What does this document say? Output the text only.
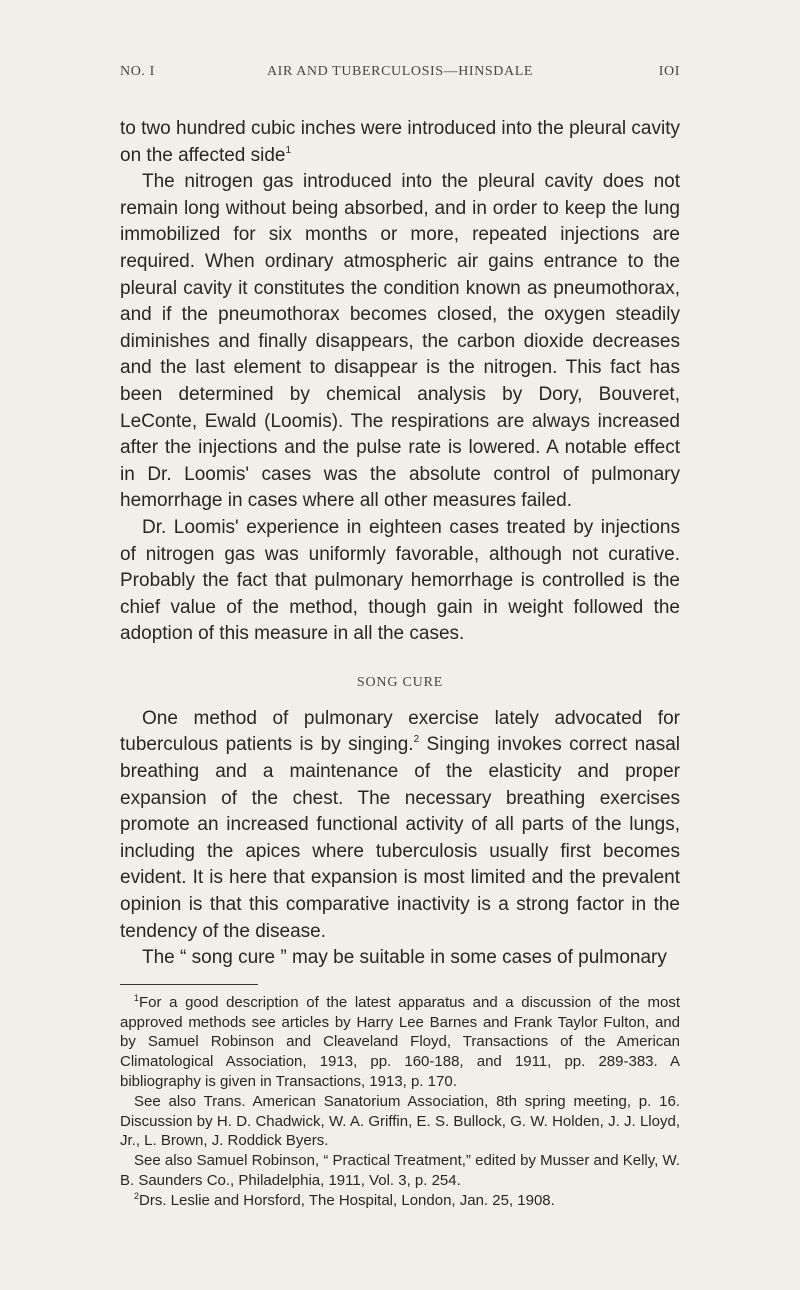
NO. I	AIR AND TUBERCULOSIS—HINSDALE	IOI

to two hundred cubic inches were introduced into the pleural cavity on the affected side$^1$

The nitrogen gas introduced into the pleural cavity does not remain long without being absorbed, and in order to keep the lung immobilized for six months or more, repeated injections are required. When ordinary atmospheric air gains entrance to the pleural cavity it constitutes the condition known as pneumothorax, and if the pneumothorax becomes closed, the oxygen steadily diminishes and finally disappears, the carbon dioxide decreases and the last element to disappear is the nitrogen. This fact has been determined by chemical analysis by Dory, Bouveret, LeConte, Ewald (Loomis). The respirations are always increased after the injections and the pulse rate is lowered. A notable effect in Dr. Loomis' cases was the absolute control of pulmonary hemorrhage in cases where all other measures failed.

Dr. Loomis' experience in eighteen cases treated by injections of nitrogen gas was uniformly favorable, although not curative. Probably the fact that pulmonary hemorrhage is controlled is the chief value of the method, though gain in weight followed the adoption of this measure in all the cases.

SONG CURE

One method of pulmonary exercise lately advocated for tuberculous patients is by singing.$^2$ Singing invokes correct nasal breathing and a maintenance of the elasticity and proper expansion of the chest. The necessary breathing exercises promote an increased functional activity of all parts of the lungs, including the apices where tuberculosis usually first becomes evident. It is here that expansion is most limited and the prevalent opinion is that this comparative inactivity is a strong factor in the tendency of the disease.

The “ song cure ” may be suitable in some cases of pulmonary

$^1$For a good description of the latest apparatus and a discussion of the most approved methods see articles by Harry Lee Barnes and Frank Taylor Fulton, and by Samuel Robinson and Cleaveland Floyd, Transactions of the American Climatological Association, 1913, pp. 160-188, and 1911, pp. 289-383. A bibliography is given in Transactions, 1913, p. 170.

See also Trans. American Sanatorium Association, 8th spring meeting, p. 16. Discussion by H. D. Chadwick, W. A. Griffin, E. S. Bullock, G. W. Holden, J. J. Lloyd, Jr., L. Brown, J. Roddick Byers.

See also Samuel Robinson, “ Practical Treatment,” edited by Musser and Kelly, W. B. Saunders Co., Philadelphia, 1911, Vol. 3, p. 254.

$^2$Drs. Leslie and Horsford, The Hospital, London, Jan. 25, 1908.
